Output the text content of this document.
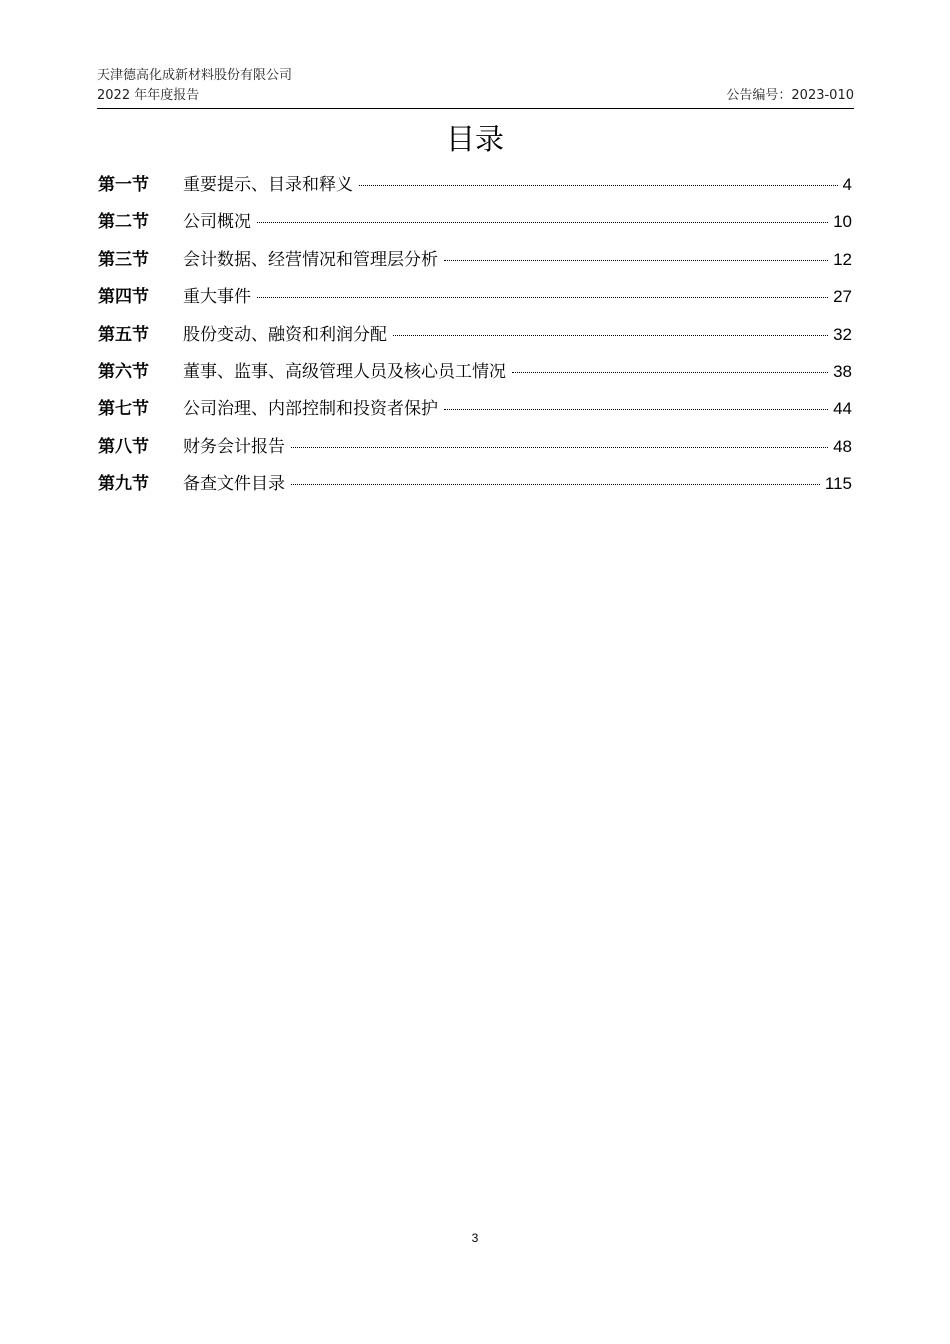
天津德高化成新材料股份有限公司
2022 年年度报告	公告编号：2023-010
目录
第一节	重要提示、目录和释义	4
第二节	公司概况	10
第三节	会计数据、经营情况和管理层分析	12
第四节	重大事件	27
第五节	股份变动、融资和利润分配	32
第六节	董事、监事、高级管理人员及核心员工情况	38
第七节	公司治理、内部控制和投资者保护	44
第八节	财务会计报告	48
第九节	备查文件目录	115
3
